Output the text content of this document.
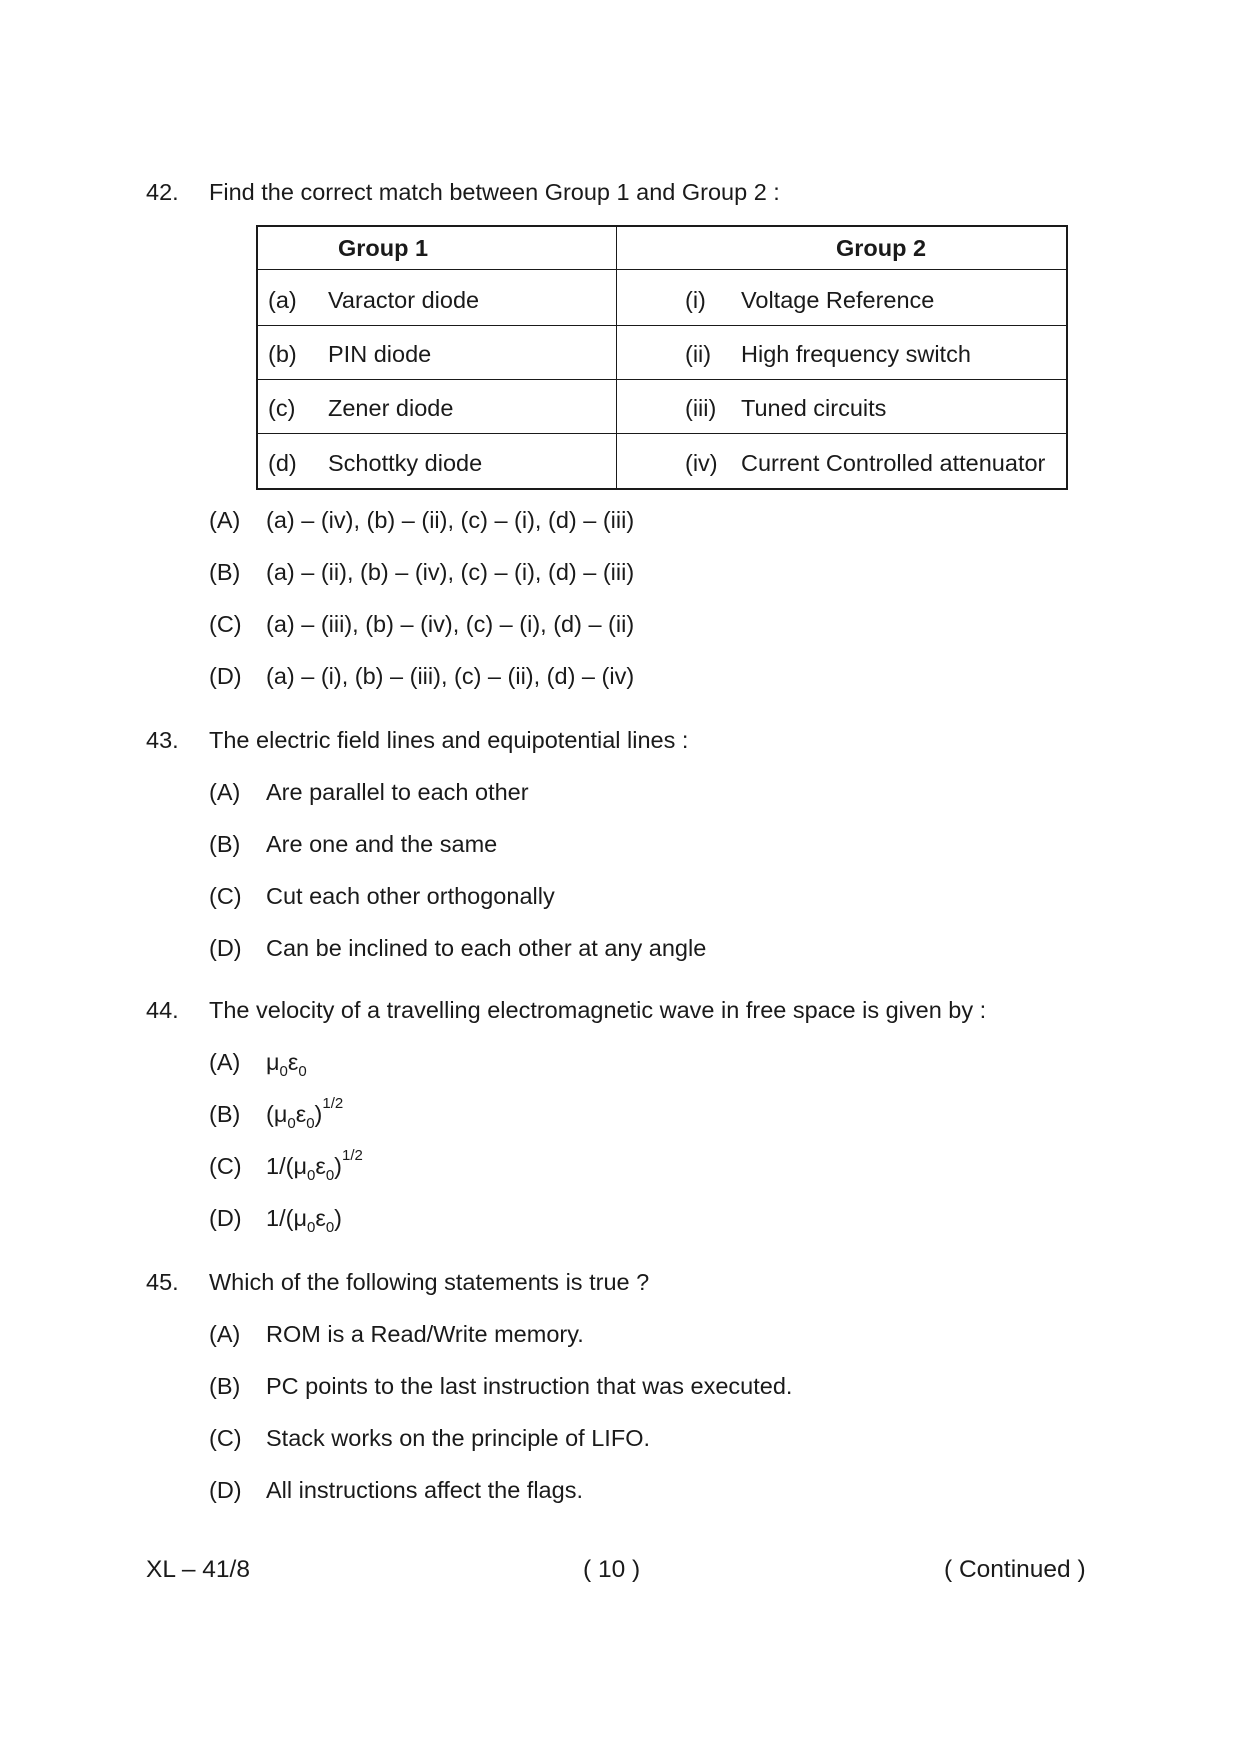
42. Find the correct match between Group 1 and Group 2 :
Group 1	Group 2
(a) Varactor diode	(i) Voltage Reference
(b) PIN diode	(ii) High frequency switch
(c) Zener diode	(iii) Tuned circuits
(d) Schottky diode	(iv) Current Controlled attenuator
(A) (a) – (iv), (b) – (ii), (c) – (i), (d) – (iii)
(B) (a) – (ii), (b) – (iv), (c) – (i), (d) – (iii)
(C) (a) – (iii), (b) – (iv), (c) – (i), (d) – (ii)
(D) (a) – (i), (b) – (iii), (c) – (ii), (d) – (iv)
43. The electric field lines and equipotential lines :
(A) Are parallel to each other
(B) Are one and the same
(C) Cut each other orthogonally
(D) Can be inclined to each other at any angle
44. The velocity of a travelling electromagnetic wave in free space is given by :
(A) $\mu_0\varepsilon_0$
(B) $(\mu_0\varepsilon_0)^{1/2}$
(C) $1/(\mu_0\varepsilon_0)^{1/2}$
(D) $1/(\mu_0\varepsilon_0)$
45. Which of the following statements is true ?
(A) ROM is a Read/Write memory.
(B) PC points to the last instruction that was executed.
(C) Stack works on the principle of LIFO.
(D) All instructions affect the flags.
XL – 41/8	( 10 )	( Continued )
